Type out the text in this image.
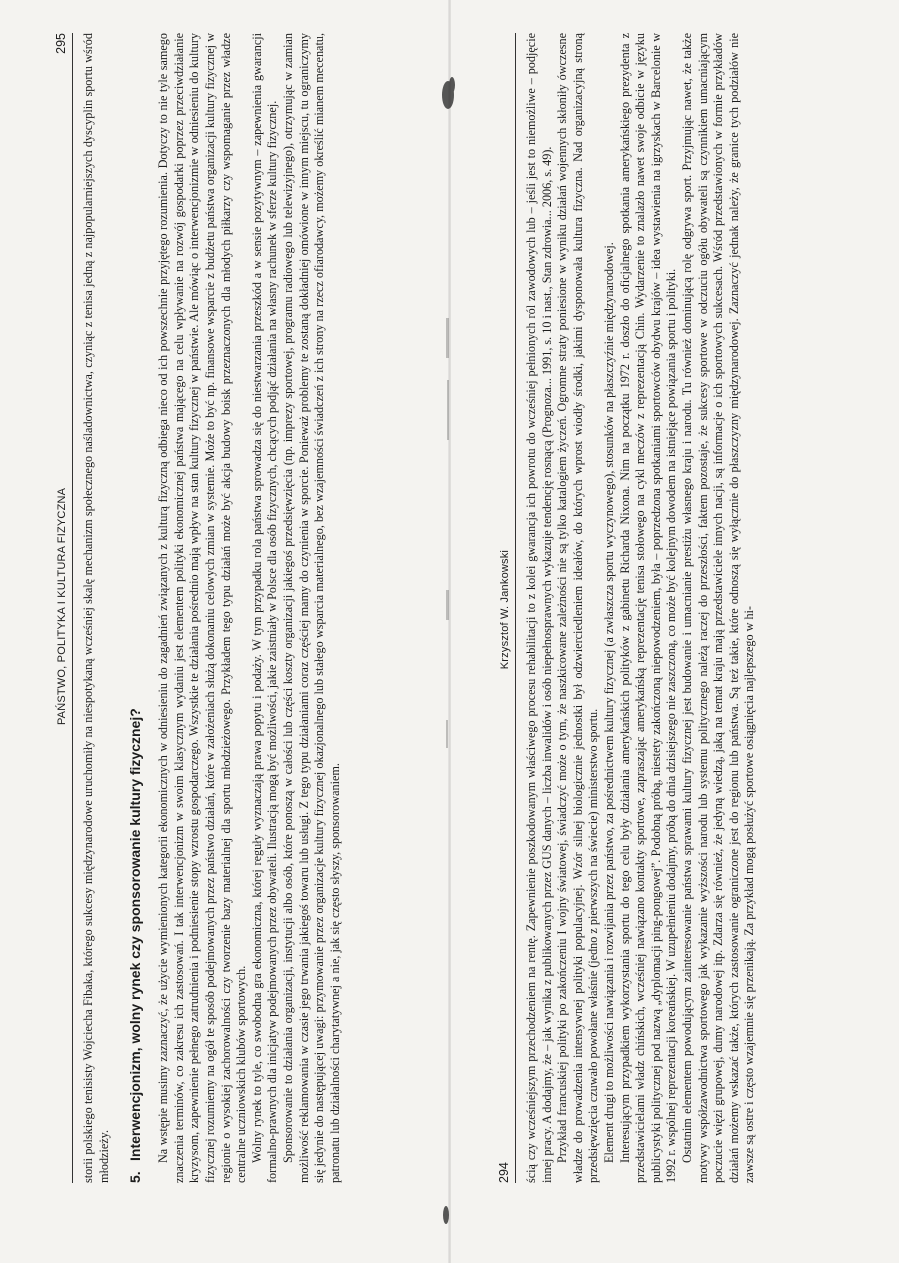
294
Krzysztof W. Jankowski ścią czy wcześniejszym przechodzeniem na rentę. Zapewnienie poszkodowanym właściwego procesu rehabilitacji to z kolei gwarancja ich powrotu do wcześniej pełnionych ról zawodowych lub – jeśli jest to niemożliwe – podjęcie innej pracy. A dodajmy, że – jak wynika z publikowanych przez GUS danych – liczba inwalidów i osób niepełnosprawnych wykazuje tendencję rosnącą (Prognoza... 1991, s. 10 i nast., Stan zdrowia... 2006, s. 49). Przykład francuskiej polityki po zakończeniu I wojny światowej, świadczyć może o tym, że naszkicowane zależności nie są tylko katalogiem życzeń. Ogromne straty poniesione w wyniku działań wojennych skłoniły ówczesne władze do prowadzenia intensywnej polityki populacyjnej. Wzór silnej biologicznie jednostki był odzwierciedleniem ideałów, do których wprost wiodły środki, jakimi dysponowała kultura fizyczna. Nad organizacyjną stroną przedsięwzięcia czuwało powołane właśnie (jedno z pierwszych na świecie) ministerstwo sportu. Element drugi to możliwości nawiązania i rozwijania przez państwo, za pośrednictwem kultury fizycznej (a zwłaszcza sportu wyczynowego), stosunków na płaszczyźnie międzynarodowej. Interesującym przypadkiem wykorzystania sportu do tego celu były działania amerykańskich polityków z gabinetu Richarda Nixona. Nim na początku 1972 r. doszło do oficjalnego spotkania amerykańskiego prezydenta z przedstawicielami władz chińskich, wcześniej nawiązano kontakty sportowe, zapraszając amerykańską reprezentację tenisa stołowego na cykl meczów z reprezentacją Chin. Wydarzenie to znalazło nawet swoje odbicie w języku publicystyki politycznej pod nazwą „dyplomacji ping-pongowej”. Podobną próbą, niestety zakończoną niepowodzeniem, była – poprzedzona spotkaniami sportowców obydwu krajów – idea wystawienia na igrzyskach w Barcelonie w 1992 r. wspólnej reprezentacji koreańskiej. W uzupełnieniu dodajmy, próbą do dnia dzisiejszego nie zaszczoną, co może być kolejnym dowodem na istniejące powiązania sportu i polityki. Ostatnim elementem powodującym zainteresowanie państwa sprawami kultury fizycznej jest budowanie i umacnianie prestiżu własnego kraju i narodu. Tu również dominującą rolę odgrywa sport. Przyjmując nawet, że także motywy współzawodnictwa sportowego jak wykazanie wyższości narodu lub systemu politycznego należą raczej do przeszłości, faktem pozostaje, że sukcesy sportowe w odczuciu ogółu obywateli są czynnikiem umacniającym poczucie więzi grupowej, dumy narodowej itp. Zdarza się również, że jedyną wiedzą, jaką na temat kraju mają przedstawiciele innych nacji, są informacje o ich sportowych sukcesach. Wśród przedstawionych w formie przykładów działań możemy wskazać także, których zastosowanie ograniczone jest do regionu lub państwa. Są też takie, które odnoszą się wyłącznie do płaszczyzny międzynarodowej. Zaznaczyć jednak należy, że granice tych podziałów nie zawsze są ostre i często wzajemnie się przenikają. Za przykład mogą posłużyć sportowe osiągnięcia najlepszego w hi-

PAŃSTWO, POLITYKA I KULTURA FIZYCZNA
295 storii polskiego tenisisty Wojciecha Fibaka, którego sukcesy międzynarodowe uruchomiły na niespotykaną wcześniej skalę mechanizm społecznego naśladownictwa, czyniąc z tenisa jedną z najpopularniejszych dyscyplin sportu wśród młodzieży. 5.
Interwencjonizm, wolny rynek czy sponsorowanie kultury fizycznej? Na wstępie musimy zaznaczyć, że użycie wymienionych kategorii ekonomicznych w odniesieniu do zagadnień związanych z kulturą fizyczną odbiega nieco od ich powszechnie przyjętego rozumienia. Dotyczy to nie tyle samego znaczenia terminów, co zakresu ich zastosowań. I tak interwencjonizm w swoim klasycznym wydaniu jest elementem polityki ekonomicznej państwa mającego na celu wpływanie na rozwój gospodarki poprzez przeciwdziałanie kryzysom, zapewnienie pełnego zatrudnienia i podniesienie stopy wzrostu gospodarczego. Wszystkie te działania pośrednio mają wpływ na stan kultury fizycznej w państwie. Ale mówiąc o interwencjonizmie w odniesieniu do kultury fizycznej rozumiemy na ogół te sposób podejmowanych przez państwo działań, które w założeniach służą dokonaniu celowych zmian w systemie. Może to być np. finansowe wsparcie z budżetu państwa organizacji kultury fizycznej w regionie o wysokiej zachorowalności czy tworzenie bazy materialnej dla sportu młodzieżowego. Przykładem tego typu działań może być akcja budowy boisk przeznaczonych dla młodych piłkarzy czy wspomaganie przez władze centralne uczniowskich klubów sportowych. Wolny rynek to tyle, co swobodna gra ekonomiczna, której reguły wyznaczają prawa popytu i podaży. W tym przypadku rola państwa sprowadza się do niestwarzania przeszkód a w sensie pozytywnym – zapewnienia gwarancji formalno-prawnych dla inicjatyw podejmowanych przez obywateli. Ilustracją mogą być możliwości, jakie zaistniały w Polsce dla osób fizycznych, chcących podjąć działania na własny rachunek w sferze kultury fizycznej. Sponsorowanie to działania organizacji, instytucji albo osób, które ponoszą w całości lub części koszty organizacji jakiegoś przedsięwzięcia (np. imprezy sportowej, programu radiowego lub telewizyjnego), otrzymując w zamian możliwość reklamowania w czasie jego trwania jakiegoś towaru lub usługi. Z tego typu działaniami coraz częściej mamy do czynienia w sporcie. Ponieważ problemy te zostaną dokładniej omówione w innym miejscu, tu ograniczymy się jedynie do następującej uwagi: przymowanie przez organizacje kultury fizycznej okazjonalnego lub stałego wsparcia materialnego, bez wzajemności świadczeń z ich strony na rzecz ofiarodawcy, możemy określić mianem mecenatu, patronatu lub działalności charytatywnej a nie, jak się często słyszy, sponsorowaniem.
